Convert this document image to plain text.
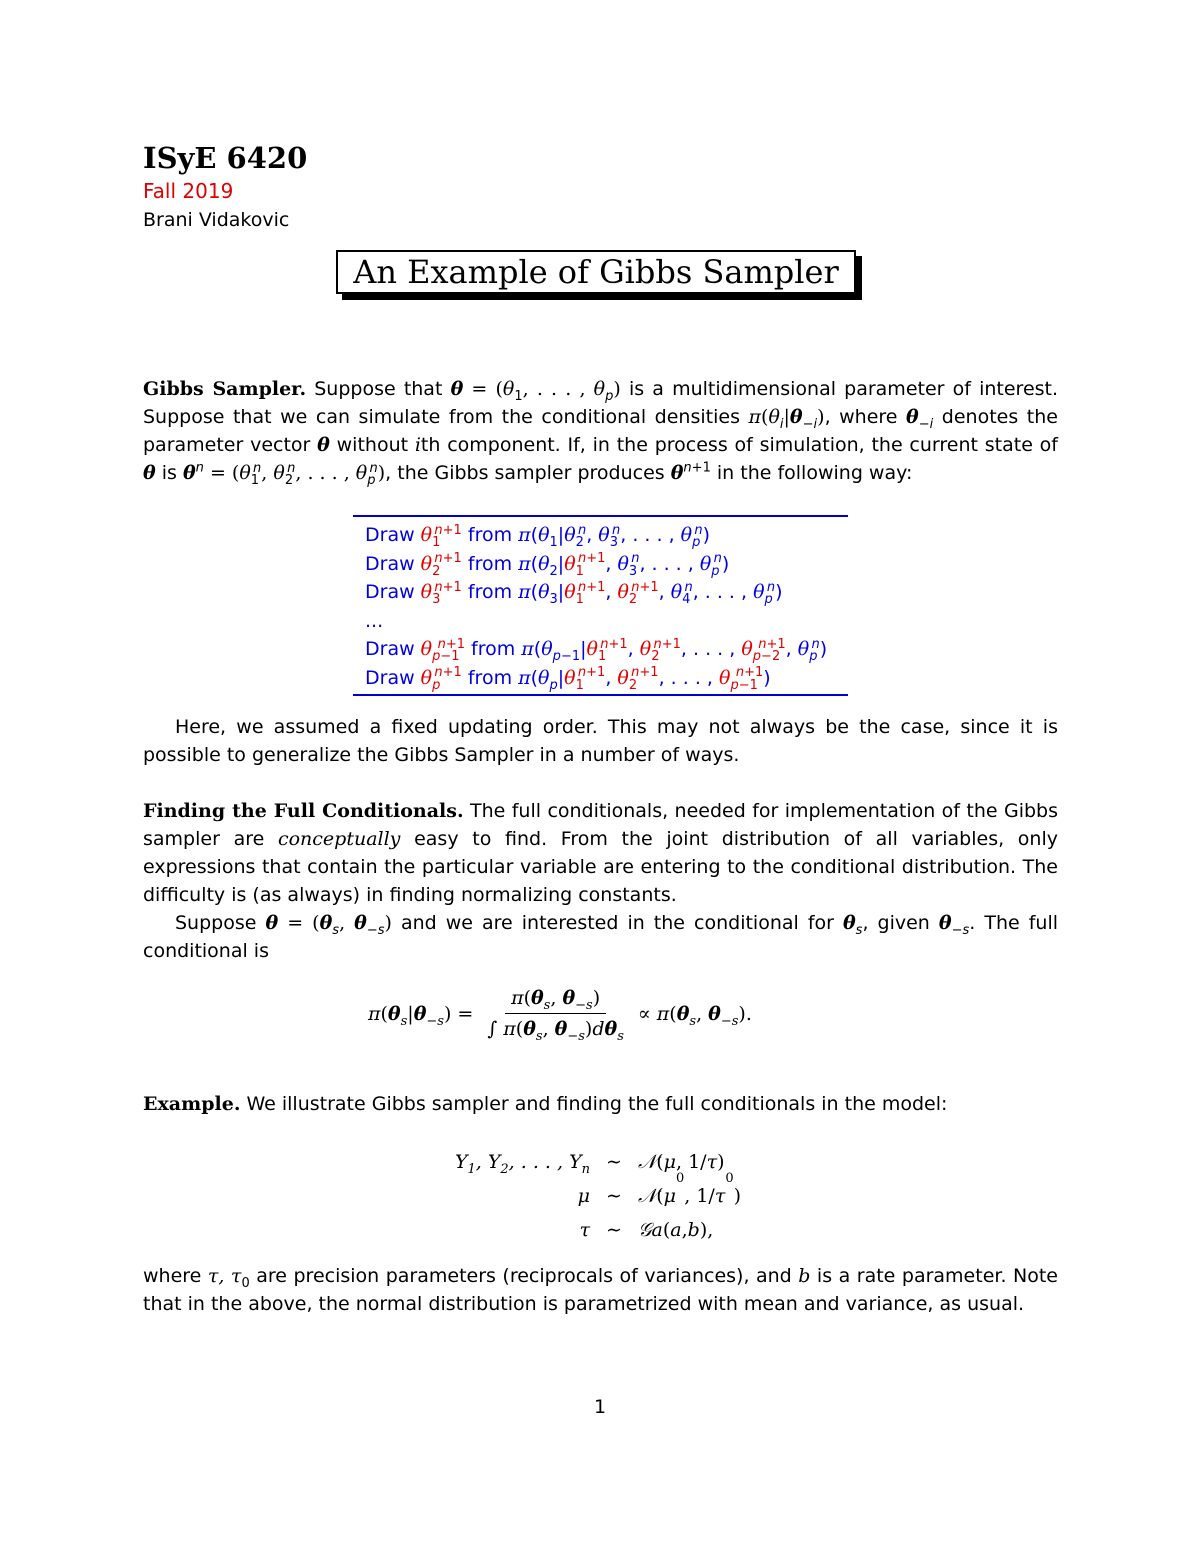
ISyE 6420
Fall 2019
Brani Vidakovic
An Example of Gibbs Sampler
Gibbs Sampler. Suppose that $\theta = (\theta_1$, . . . , $\theta_p$) is a multidimensional parameter of interest. Suppose that we can simulate from the conditional densities $\pi(\theta_i|\theta_{-i})$, where $\theta_{-i}$ denotes the parameter vector θ without ith component. If, in the process of simulation, the current state of θ is $\theta^n = (\theta_1^n$, $\theta_2^n$, . . . , $\theta_p^n$), the Gibbs sampler produces $\theta^{n+1}$ in the following way:
Draw $\theta_1^{n+1}$ from $\pi(\theta_1|\theta_2^n$, $\theta_3^n$, . . . , $\theta_p^n$)
Draw $\theta_2^{n+1}$ from $\pi(\theta_2|\theta_1^{n+1}$, $\theta_3^n$, . . . , $\theta_p^n$)
Draw $\theta_3^{n+1}$ from $\pi(\theta_3|\theta_1^{n+1}$, $\theta_2^{n+1}$, $\theta_4^n$, . . . , $\theta_p^n$)
...
Draw $\theta_{p-1}^{n+1}$ from $\pi(\theta_{p-1}|\theta_1^{n+1}$, $\theta_2^{n+1}$, . . . , $\theta_{p-2}^{n+1}$, $\theta_p^n$)
Draw $\theta_p^{n+1}$ from $\pi(\theta_p|\theta_1^{n+1}$, $\theta_2^{n+1}$, . . . , $\theta_{p-1}^{n+1}$)
Here, we assumed a fixed updating order. This may not always be the case, since it is possible to generalize the Gibbs Sampler in a number of ways.
Finding the Full Conditionals. The full conditionals, needed for implementation of the Gibbs sampler are conceptually easy to find. From the joint distribution of all variables, only expressions that contain the particular variable are entering to the conditional distribution. The difficulty is (as always) in finding normalizing constants.
Suppose $\theta = (\theta_s$, $\theta_{-s}$) and we are interested in the conditional for $\theta_s$, given $\theta_{-s}$. The full conditional is
$\pi(\theta_s|\theta_{-s}) = \frac{\pi(\theta_s, \theta_{-s})}{\int \pi(\theta_s, \theta_{-s})d\theta_s} \propto \pi(\theta_s$, $\theta_{-s}$).
Example. We illustrate Gibbs sampler and finding the full conditionals in the model:
$Y_1$, $Y_2$, . . . , $Y_n$ ∼ 𝒩 ( μ , 1/ τ )
μ ∼ 𝒩 ( μ
0
, 1/ τ
0
)
τ ∼ 𝒢a ( a , b ),
where τ, $\tau_0$ are precision parameters (reciprocals of variances), and b is a rate parameter. Note that in the above, the normal distribution is parametrized with mean and variance, as usual.
1
